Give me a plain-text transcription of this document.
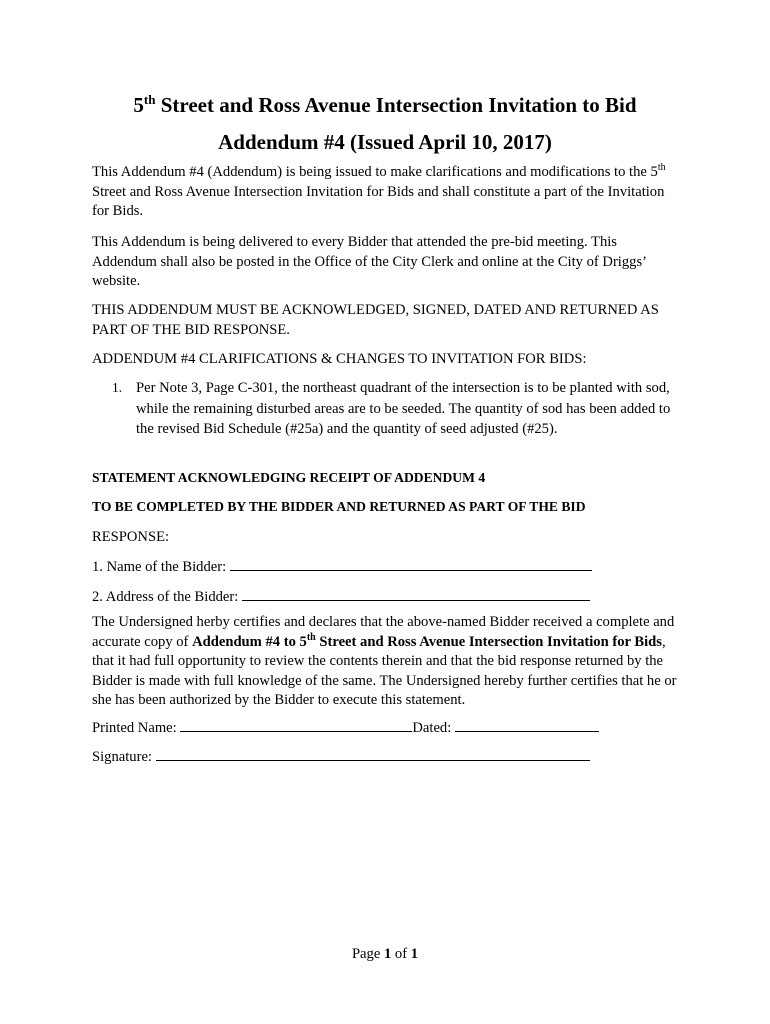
5th Street and Ross Avenue Intersection Invitation to Bid
Addendum #4 (Issued April 10, 2017)
This Addendum #4 (Addendum) is being issued to make clarifications and modifications to the 5th Street and Ross Avenue Intersection Invitation for Bids and shall constitute a part of the Invitation for Bids.
This Addendum is being delivered to every Bidder that attended the pre-bid meeting. This Addendum shall also be posted in the Office of the City Clerk and online at the City of Driggs’ website.
THIS ADDENDUM MUST BE ACKNOWLEDGED, SIGNED, DATED AND RETURNED AS PART OF THE BID RESPONSE.
ADDENDUM #4 CLARIFICATIONS & CHANGES TO INVITATION FOR BIDS:
1. Per Note 3, Page C-301, the northeast quadrant of the intersection is to be planted with sod, while the remaining disturbed areas are to be seeded. The quantity of sod has been added to the revised Bid Schedule (#25a) and the quantity of seed adjusted (#25).
STATEMENT ACKNOWLEDGING RECEIPT OF ADDENDUM 4
TO BE COMPLETED BY THE BIDDER AND RETURNED AS PART OF THE BID
RESPONSE:
1. Name of the Bidder:
2. Address of the Bidder:
The Undersigned herby certifies and declares that the above-named Bidder received a complete and accurate copy of Addendum #4 to 5th Street and Ross Avenue Intersection Invitation for Bids, that it had full opportunity to review the contents therein and that the bid response returned by the Bidder is made with full knowledge of the same. The Undersigned hereby further certifies that he or she has been authorized by the Bidder to execute this statement.
Printed Name:	Dated:
Signature:
Page 1 of 1
